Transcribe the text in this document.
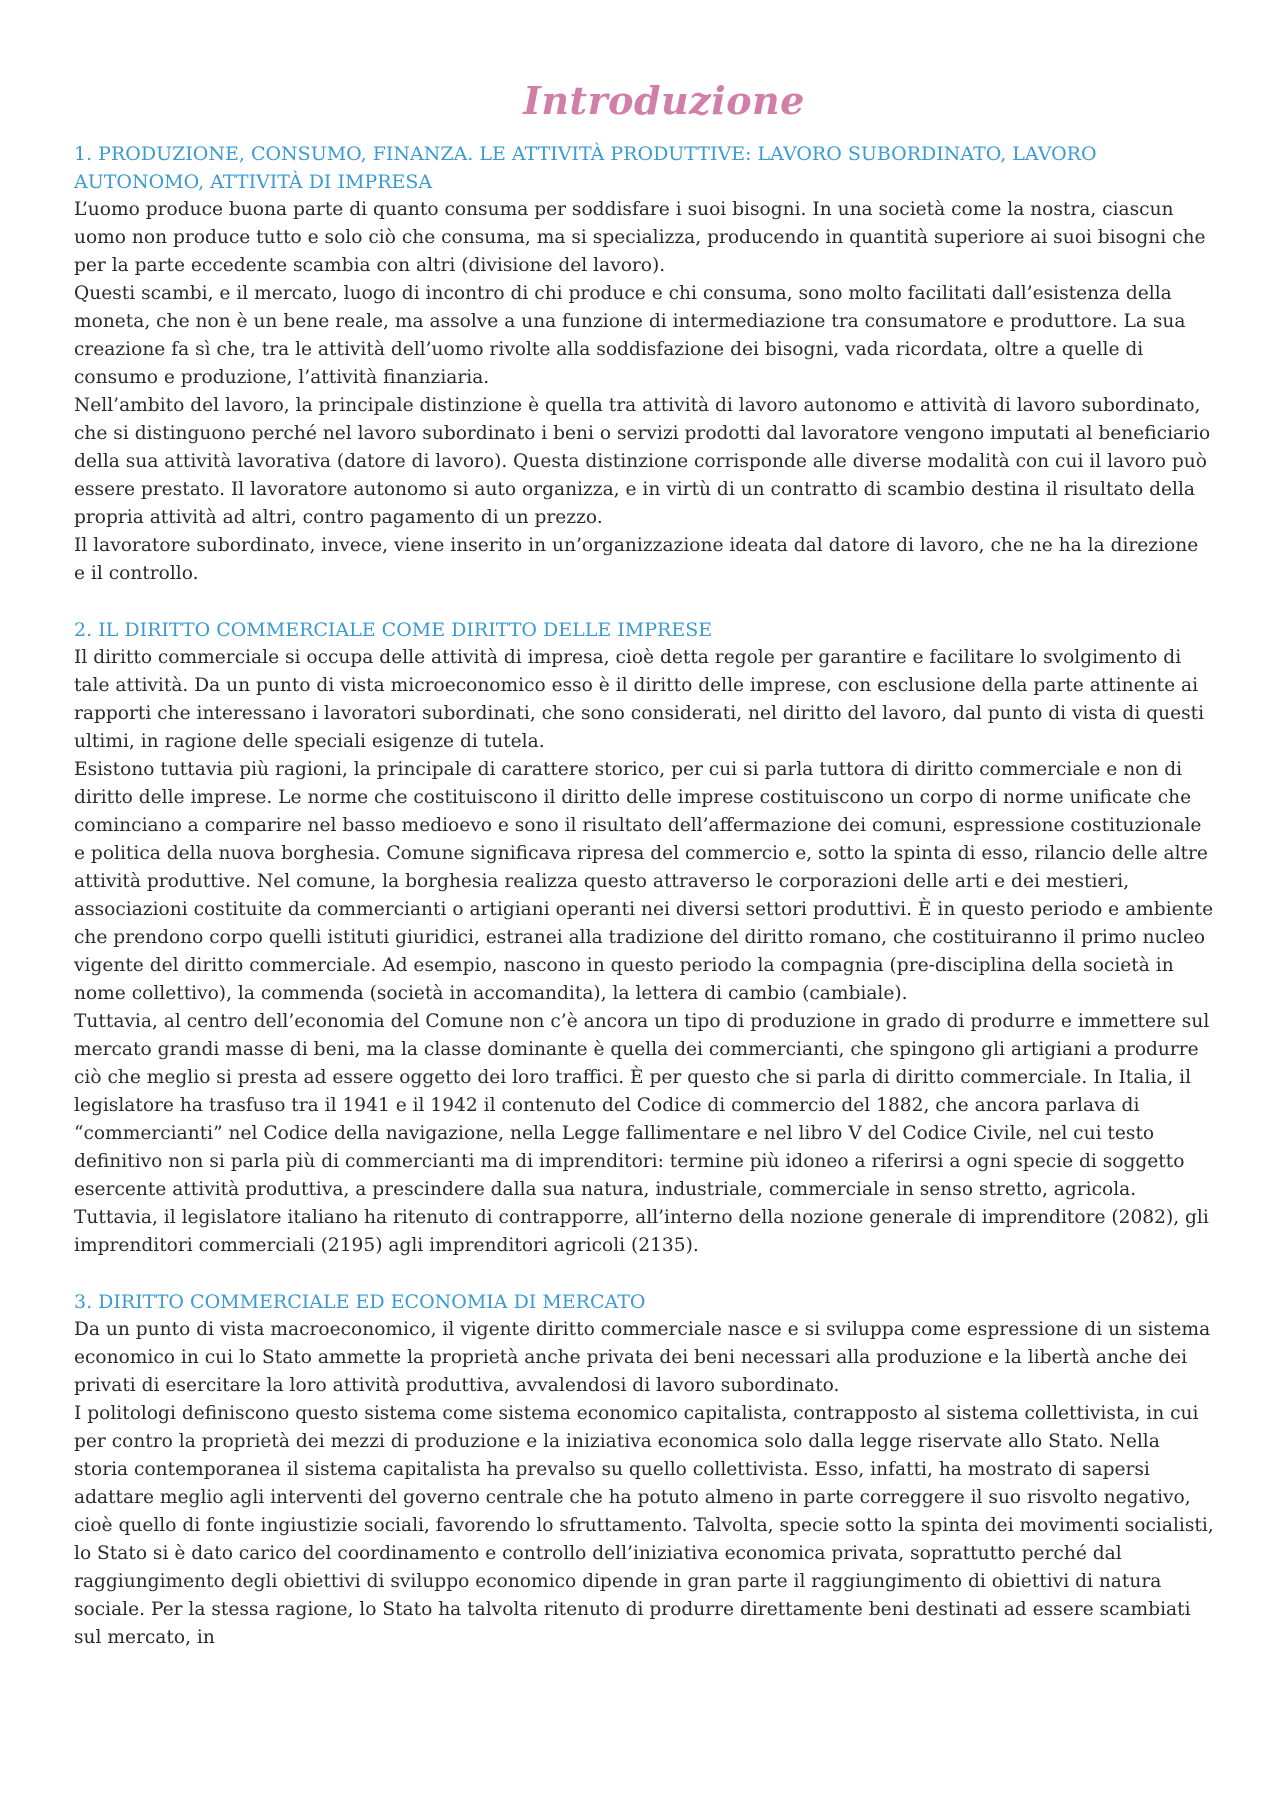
Introduzione
1. PRODUZIONE, CONSUMO, FINANZA. LE ATTIVITÀ PRODUTTIVE: LAVORO SUBORDINATO, LAVORO AUTONOMO, ATTIVITÀ DI IMPRESA

L’uomo produce buona parte di quanto consuma per soddisfare i suoi bisogni. In una società come la nostra, ciascun uomo non produce tutto e solo ciò che consuma, ma si specializza, producendo in quantità superiore ai suoi bisogni che per la parte eccedente scambia con altri (divisione del lavoro).

Questi scambi, e il mercato, luogo di incontro di chi produce e chi consuma, sono molto facilitati dall’esistenza della moneta, che non è un bene reale, ma assolve a una funzione di intermediazione tra consumatore e produttore. La sua creazione fa sì che, tra le attività dell’uomo rivolte alla soddisfazione dei bisogni, vada ricordata, oltre a quelle di consumo e produzione, l’attività finanziaria.

Nell’ambito del lavoro, la principale distinzione è quella tra attività di lavoro autonomo e attività di lavoro subordinato, che si distinguono perché nel lavoro subordinato i beni o servizi prodotti dal lavoratore vengono imputati al beneficiario della sua attività lavorativa (datore di lavoro). Questa distinzione corrisponde alle diverse modalità con cui il lavoro può essere prestato. Il lavoratore autonomo si auto organizza, e in virtù di un contratto di scambio destina il risultato della propria attività ad altri, contro pagamento di un prezzo.

Il lavoratore subordinato, invece, viene inserito in un’organizzazione ideata dal datore di lavoro, che ne ha la direzione e il controllo.

2. IL DIRITTO COMMERCIALE COME DIRITTO DELLE IMPRESE

Il diritto commerciale si occupa delle attività di impresa, cioè detta regole per garantire e facilitare lo svolgimento di tale attività. Da un punto di vista microeconomico esso è il diritto delle imprese, con esclusione della parte attinente ai rapporti che interessano i lavoratori subordinati, che sono considerati, nel diritto del lavoro, dal punto di vista di questi ultimi, in ragione delle speciali esigenze di tutela.

Esistono tuttavia più ragioni, la principale di carattere storico, per cui si parla tuttora di diritto commerciale e non di diritto delle imprese. Le norme che costituiscono il diritto delle imprese costituiscono un corpo di norme unificate che cominciano a comparire nel basso medioevo e sono il risultato dell’affermazione dei comuni, espressione costituzionale e politica della nuova borghesia. Comune significava ripresa del commercio e, sotto la spinta di esso, rilancio delle altre attività produttive. Nel comune, la borghesia realizza questo attraverso le corporazioni delle arti e dei mestieri, associazioni costituite da commercianti o artigiani operanti nei diversi settori produttivi. È in questo periodo e ambiente che prendono corpo quelli istituti giuridici, estranei alla tradizione del diritto romano, che costituiranno il primo nucleo vigente del diritto commerciale. Ad esempio, nascono in questo periodo la compagnia (pre-disciplina della società in nome collettivo), la commenda (società in accomandita), la lettera di cambio (cambiale).

Tuttavia, al centro dell’economia del Comune non c’è ancora un tipo di produzione in grado di produrre e immettere sul mercato grandi masse di beni, ma la classe dominante è quella dei commercianti, che spingono gli artigiani a produrre ciò che meglio si presta ad essere oggetto dei loro traffici. È per questo che si parla di diritto commerciale. In Italia, il legislatore ha trasfuso tra il 1941 e il 1942 il contenuto del Codice di commercio del 1882, che ancora parlava di “commercianti” nel Codice della navigazione, nella Legge fallimentare e nel libro V del Codice Civile, nel cui testo definitivo non si parla più di commercianti ma di imprenditori: termine più idoneo a riferirsi a ogni specie di soggetto esercente attività produttiva, a prescindere dalla sua natura, industriale, commerciale in senso stretto, agricola. Tuttavia, il legislatore italiano ha ritenuto di contrapporre, all’interno della nozione generale di imprenditore (2082), gli imprenditori commerciali (2195) agli imprenditori agricoli (2135).

3. DIRITTO COMMERCIALE ED ECONOMIA DI MERCATO

Da un punto di vista macroeconomico, il vigente diritto commerciale nasce e si sviluppa come espressione di un sistema economico in cui lo Stato ammette la proprietà anche privata dei beni necessari alla produzione e la libertà anche dei privati di esercitare la loro attività produttiva, avvalendosi di lavoro subordinato.

I politologi definiscono questo sistema come sistema economico capitalista, contrapposto al sistema collettivista, in cui per contro la proprietà dei mezzi di produzione e la iniziativa economica solo dalla legge riservate allo Stato. Nella storia contemporanea il sistema capitalista ha prevalso su quello collettivista. Esso, infatti, ha mostrato di sapersi adattare meglio agli interventi del governo centrale che ha potuto almeno in parte correggere il suo risvolto negativo, cioè quello di fonte ingiustizie sociali, favorendo lo sfruttamento. Talvolta, specie sotto la spinta dei movimenti socialisti, lo Stato si è dato carico del coordinamento e controllo dell’iniziativa economica privata, soprattutto perché dal raggiungimento degli obiettivi di sviluppo economico dipende in gran parte il raggiungimento di obiettivi di natura sociale. Per la stessa ragione, lo Stato ha talvolta ritenuto di produrre direttamente beni destinati ad essere scambiati sul mercato, in
